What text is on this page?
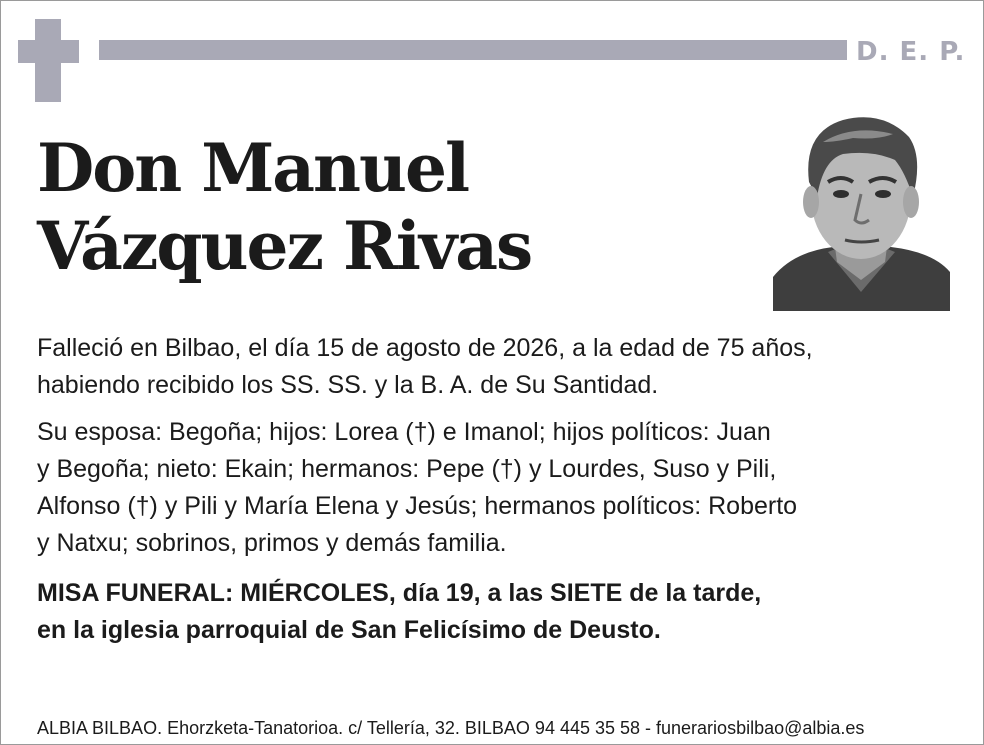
D. E. P.
Don Manuel
Vázquez Rivas
Falleció en Bilbao, el día 15 de agosto de 2026, a la edad de 75 años,
habiendo recibido los SS. SS. y la B. A. de Su Santidad.
Su esposa: Begoña; hijos: Lorea (†) e Imanol; hijos políticos: Juan
y Begoña; nieto: Ekain; hermanos: Pepe (†) y Lourdes, Suso y Pili,
Alfonso (†) y Pili y María Elena y Jesús; hermanos políticos: Roberto
y Natxu; sobrinos, primos y demás familia.
MISA FUNERAL: MIÉRCOLES, día 19, a las SIETE de la tarde,
en la iglesia parroquial de San Felicísimo de Deusto.
ALBIA BILBAO. Ehorzketa-Tanatorioa. c/ Tellería, 32. BILBAO 94 445 35 58 - funerariosbilbao@albia.es
